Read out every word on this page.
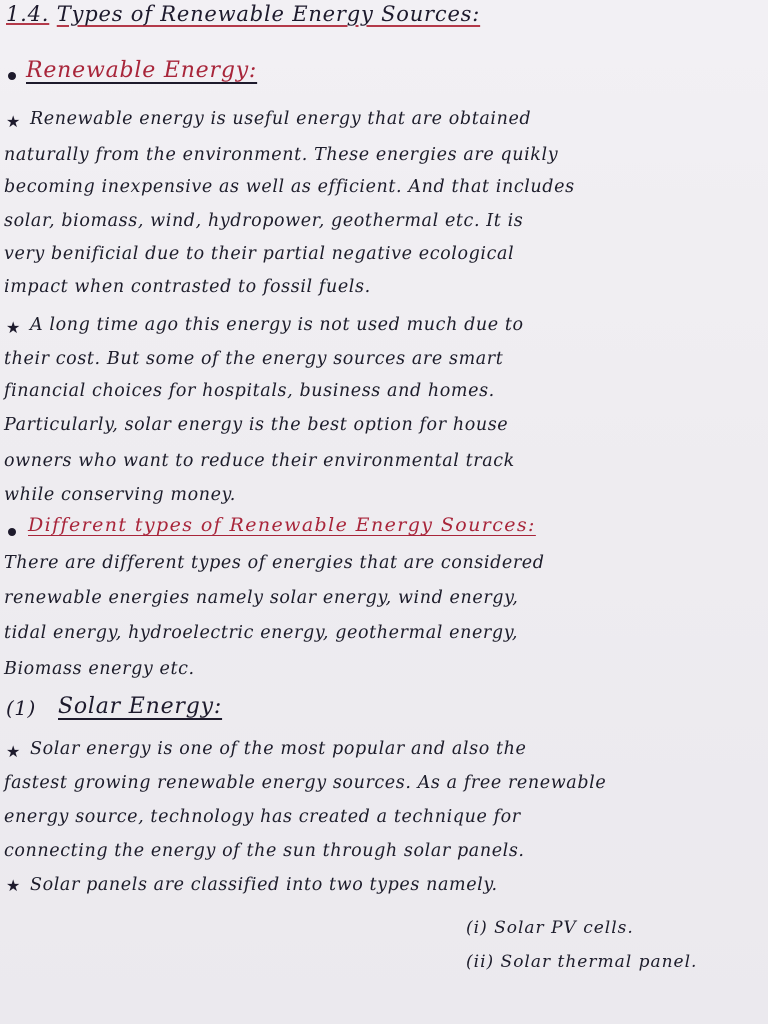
1.4. Types of Renewable Energy Sources:
Renewable Energy:
★ Renewable energy is useful energy that are obtained
naturally from the environment. These energies are quikly
becoming inexpensive as well as efficient. And that includes
solar, biomass, wind, hydropower, geothermal etc. It is
very benificial due to their partial negative ecological
impact when contrasted to fossil fuels.
★ A long time ago this energy is not used much due to
their cost. But some of the energy sources are smart
financial choices for hospitals, business and homes.
Particularly, solar energy is the best option for house
owners who want to reduce their environmental track
while conserving money.
Different types of Renewable Energy Sources:
There are different types of energies that are considered
renewable energies namely solar energy, wind energy,
tidal energy, hydroelectric energy, geothermal energy,
Biomass energy etc.
(1) Solar Energy:
★ Solar energy is one of the most popular and also the
fastest growing renewable energy sources. As a free renewable
energy source, technology has created a technique for
connecting the energy of the sun through solar panels.
★ Solar panels are classified into two types namely.
(i) Solar PV cells.
(ii) Solar thermal panel.
